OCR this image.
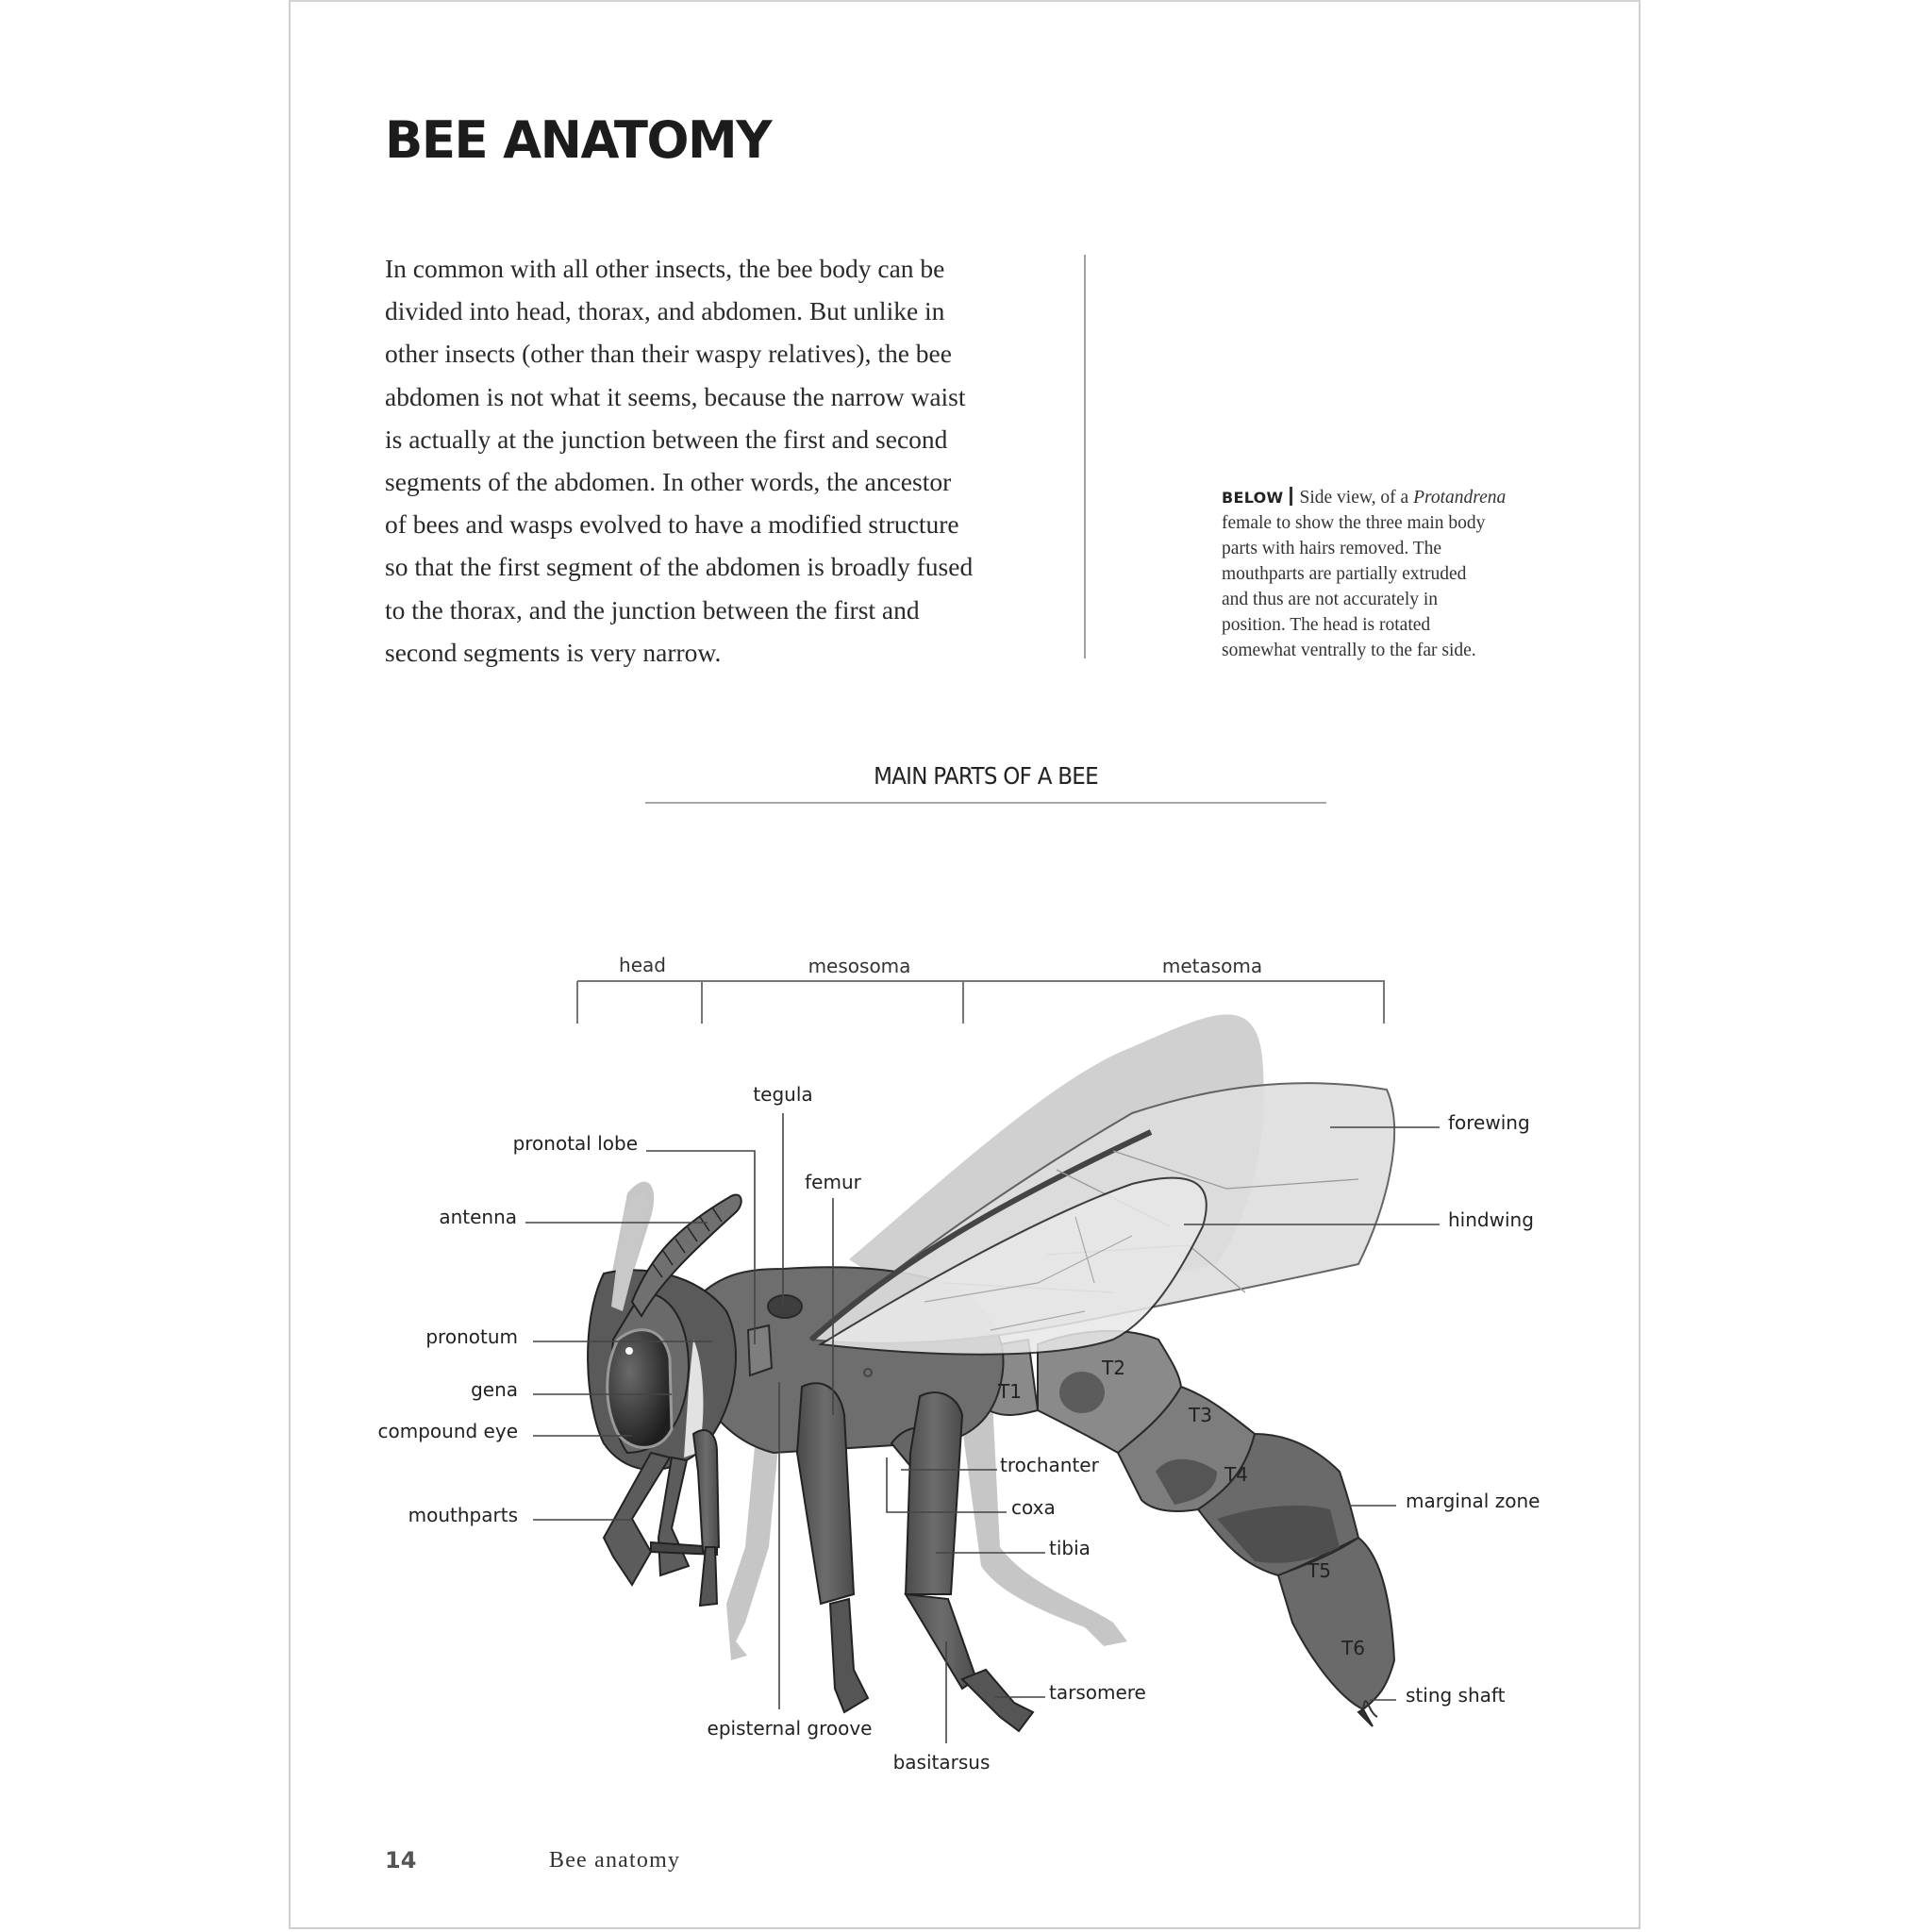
BEE ANATOMY
In common with all other insects, the bee body can be
divided into head, thorax, and abdomen. But unlike in
other insects (other than their waspy relatives), the bee
abdomen is not what it seems, because the narrow waist
is actually at the junction between the first and second
segments of the abdomen. In other words, the ancestor
of bees and wasps evolved to have a modified structure
so that the first segment of the abdomen is broadly fused
to the thorax, and the junction between the first and
second segments is very narrow.
BELOW Side view, of a Protandrena
female to show the three main body
parts with hairs removed. The
mouthparts are partially extruded
and thus are not accurately in
position. The head is rotated
somewhat ventrally to the far side.
MAIN PARTS OF A BEE
head	mesosoma	metasoma
T1
T2
T3
T4
T5
T6
tegula
pronotal lobe
femur
antenna
pronotum
gena
compound eye
mouthparts
forewing
hindwing
trochanter
coxa
tibia
marginal zone
tarsomere	sting shaft
episternal groove
basitarsus
14	Bee anatomy
